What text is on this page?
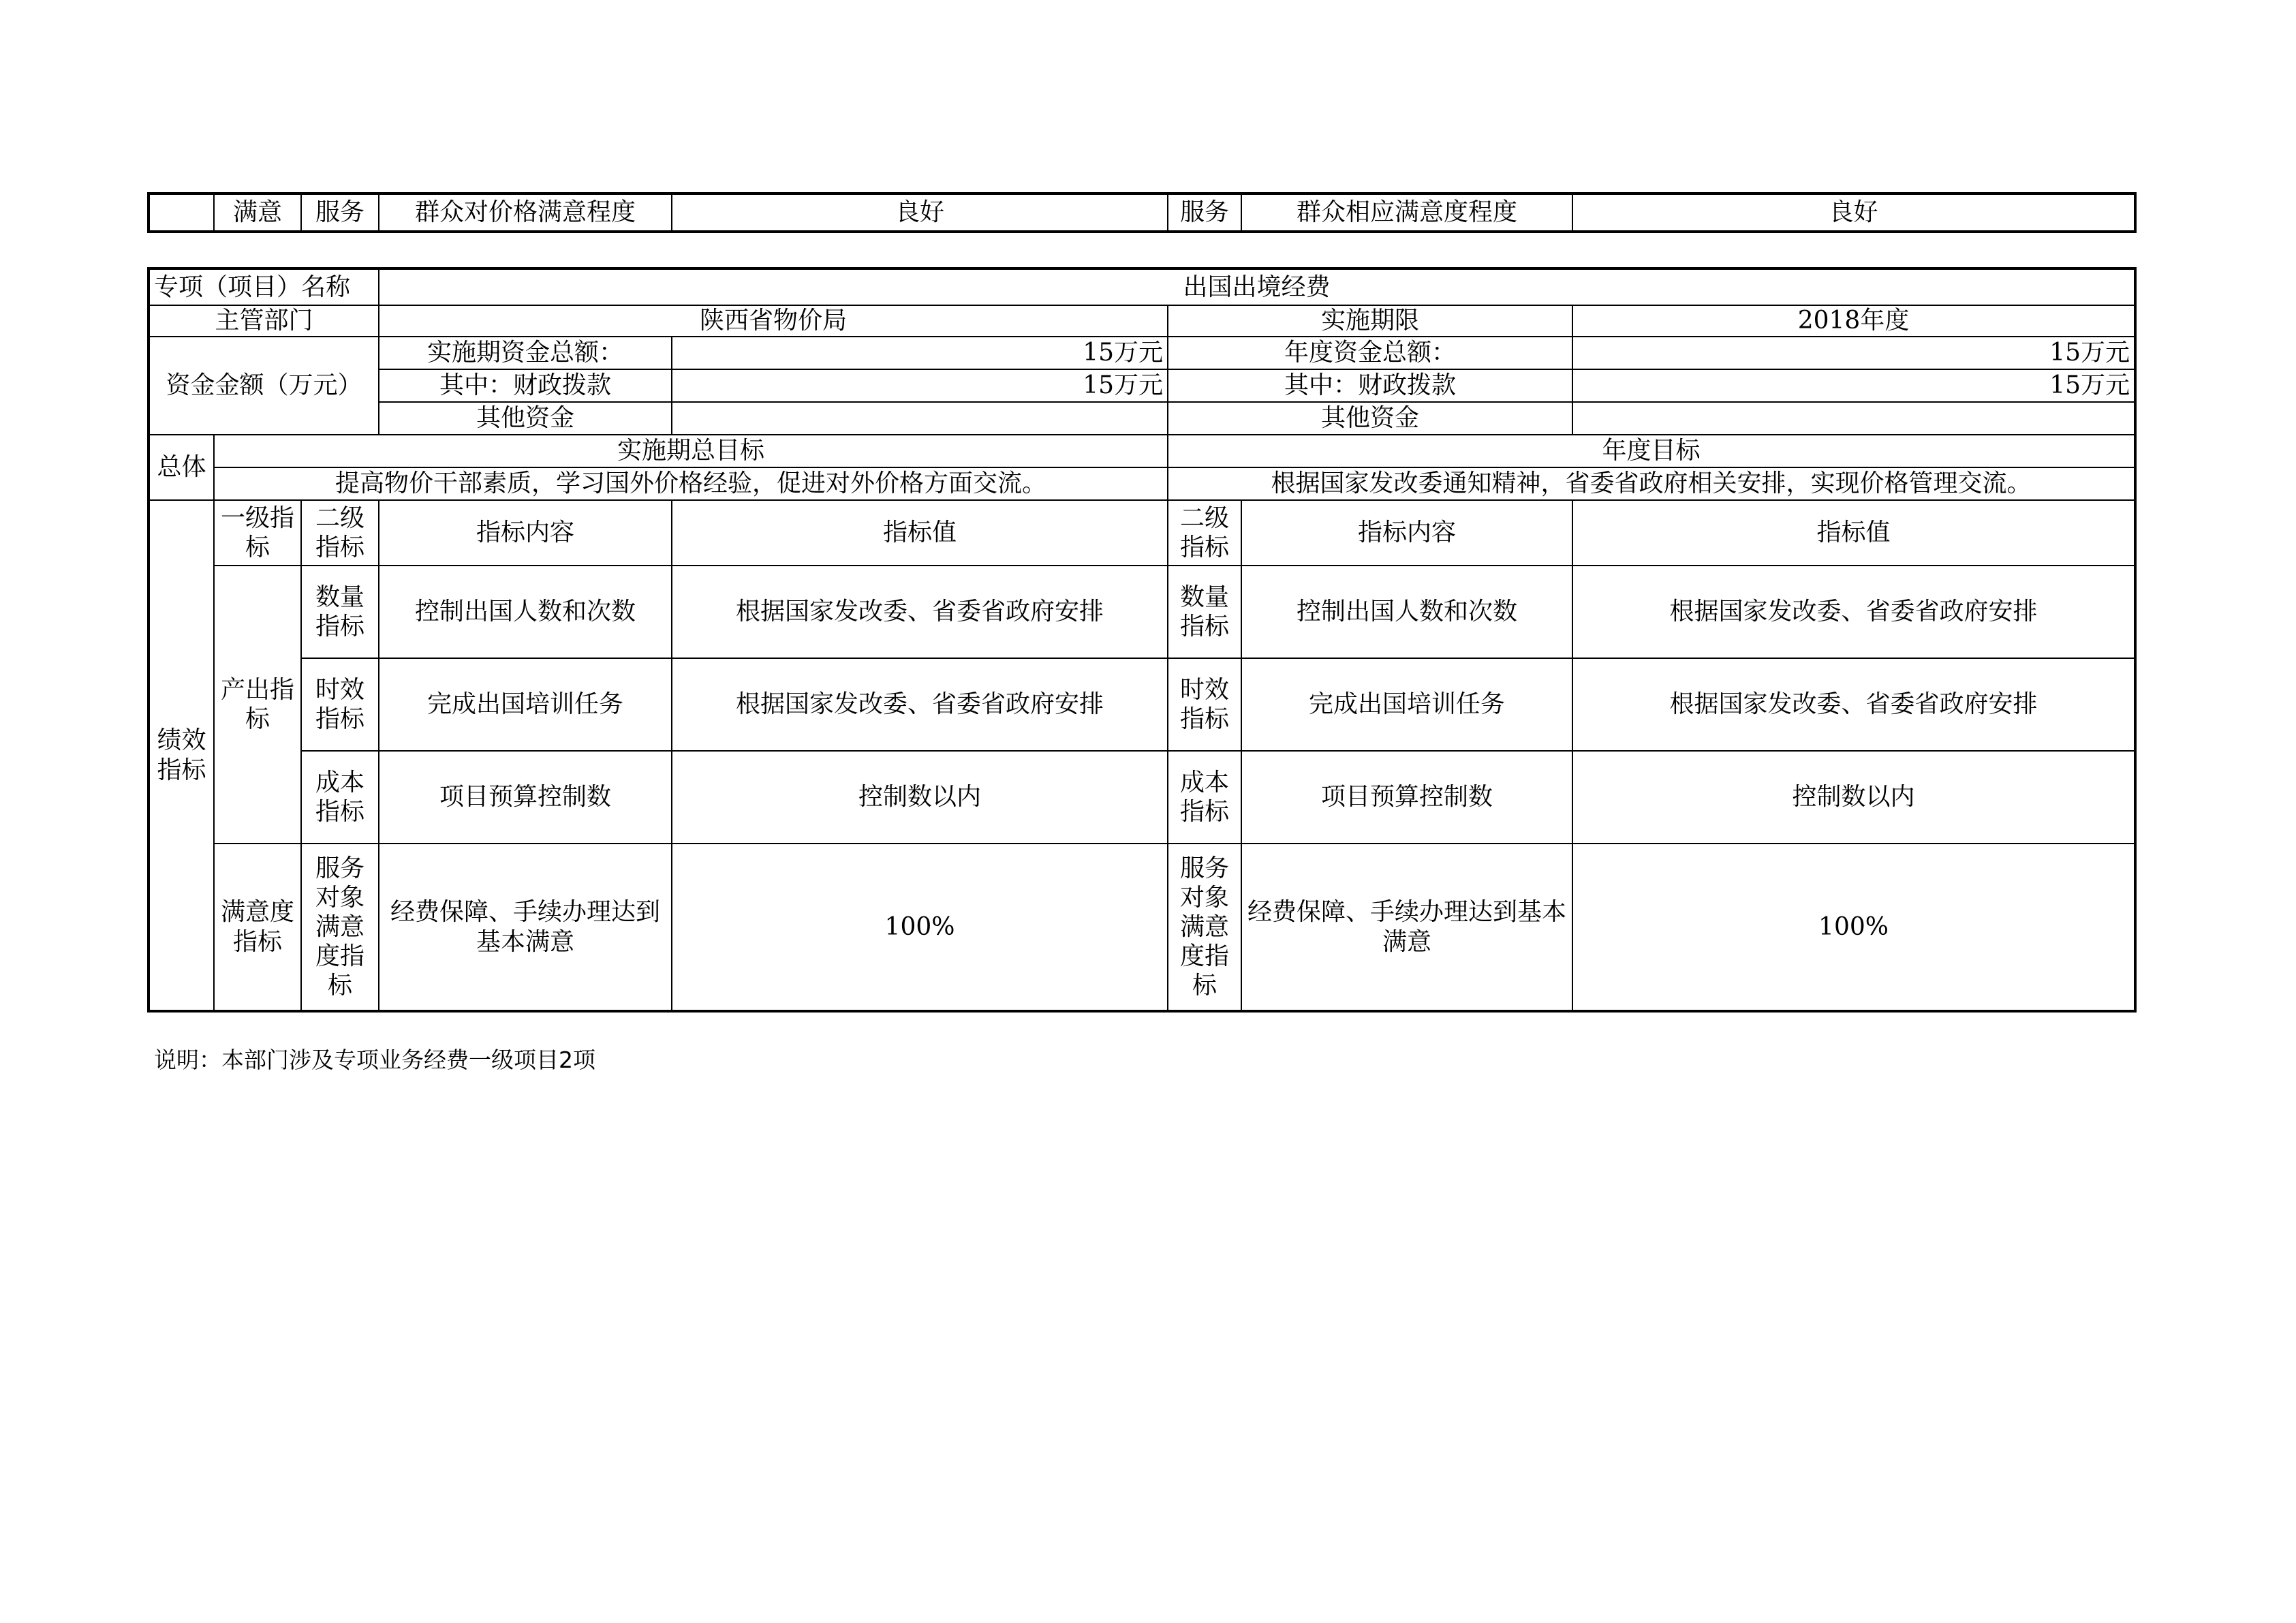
	满意	服务	群众对价格满意程度	良好	服务	群众相应满意度程度	良好
专项（项目）名称			出国出境经费				
主管部门			陕西省物价局		实施期限		2018年度
资金金额（万元）			实施期资金总额：	15万元	年度资金总额：		15万元
			其中：财政拨款	15万元	其中：财政拨款		15万元
			其他资金		其他资金		
总体	实施期总目标				年度目标		
	提高物价干部素质，学习国外价格经验，促进对外价格方面交流。				根据国家发改委通知精神，省委省政府相关安排，实现价格管理交流。		
绩效指标	一级指标	二级指标	指标内容	指标值	二级指标	指标内容	指标值
	产出指标	数量指标	控制出国人数和次数	根据国家发改委、省委省政府安排	数量指标	控制出国人数和次数	根据国家发改委、省委省政府安排
		时效指标	完成出国培训任务	根据国家发改委、省委省政府安排	时效指标	完成出国培训任务	根据国家发改委、省委省政府安排
		成本指标	项目预算控制数	控制数以内	成本指标	项目预算控制数	控制数以内
	满意度指标	服务对象满意度指标	经费保障、手续办理达到基本满意	100%	服务对象满意度指标	经费保障、手续办理达到基本满意	100%
说明：本部门涉及专项业务经费一级项目2项
